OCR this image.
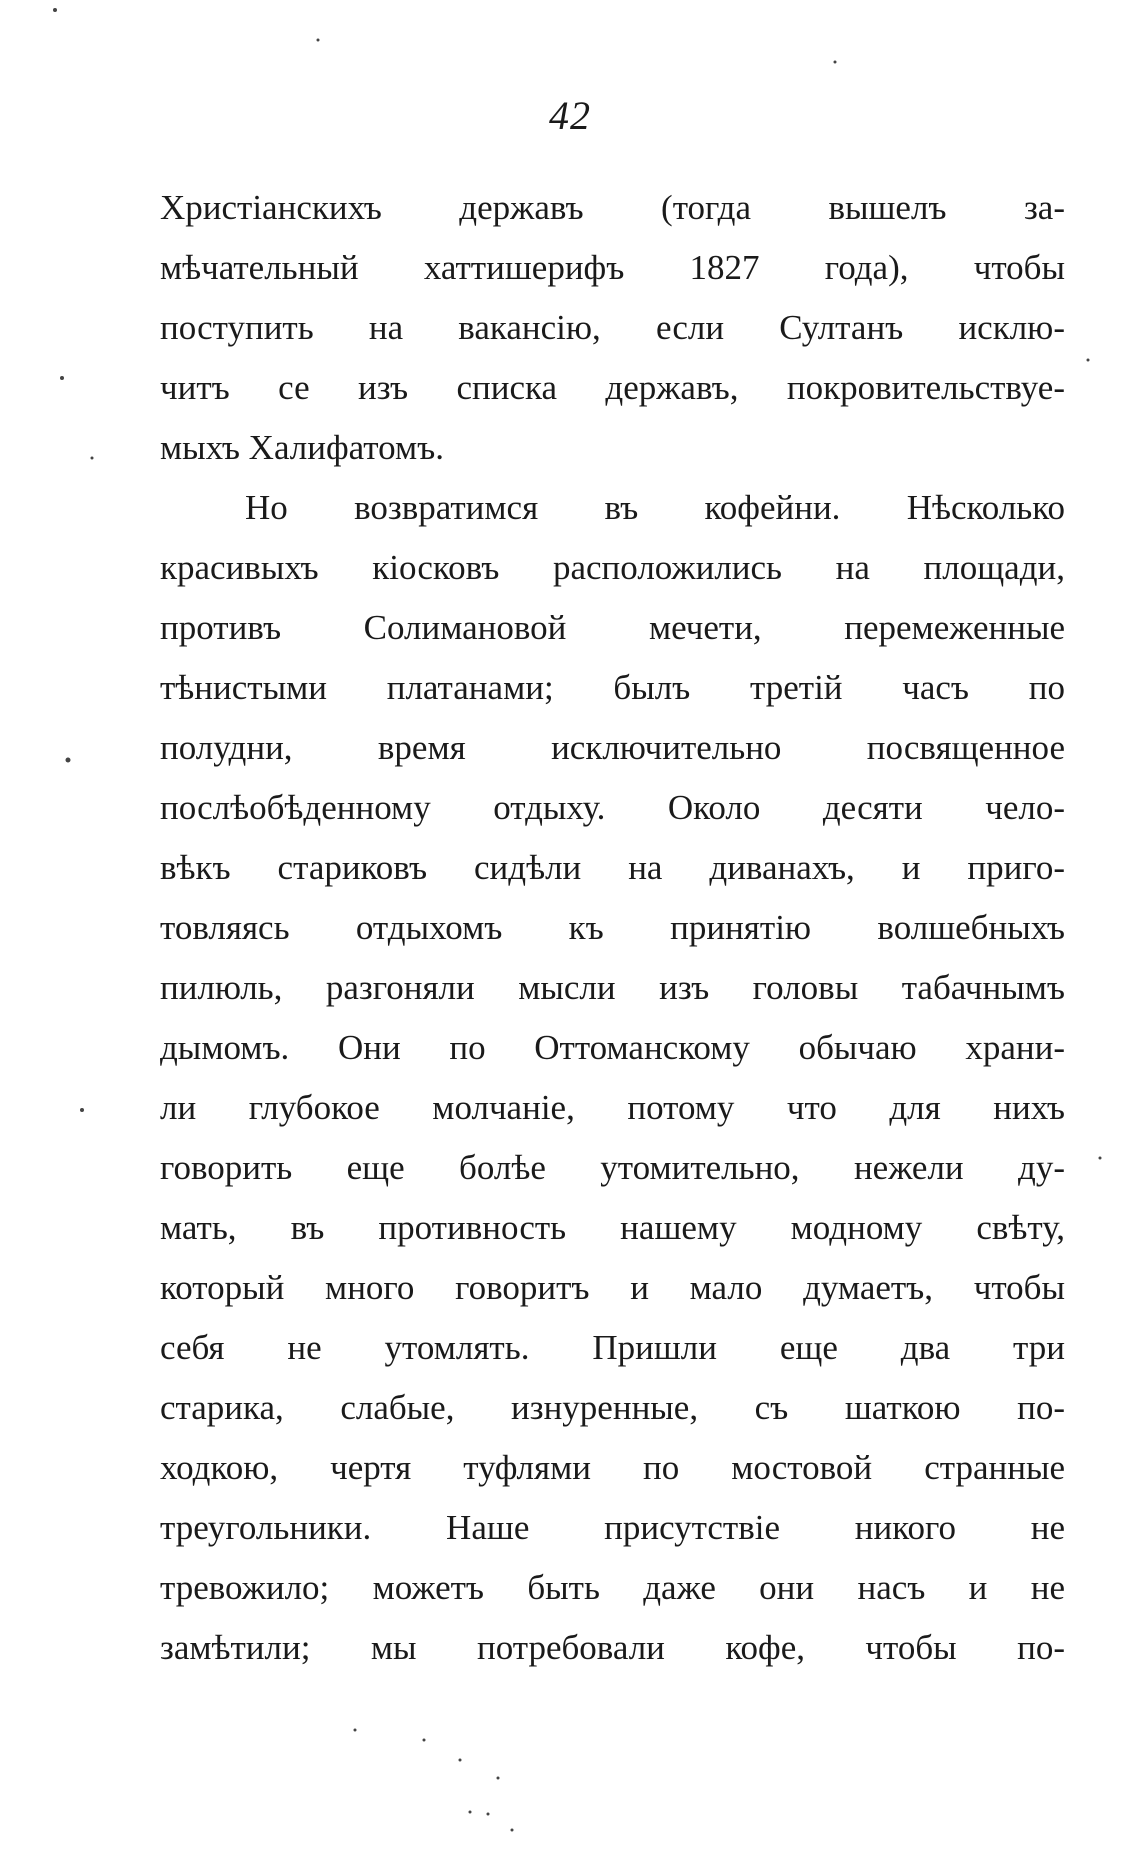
42
Христіанскихъ державъ (тогда вышелъ за-
мѣчательный хаттишерифъ 1827 года), чтобы
поступить на вакансію, если Султанъ исклю-
читъ се изъ списка державъ, покровительствуе-
мыхъ Халифатомъ.
Но возвратимся въ кофейни. Нѣсколько
красивыхъ кіосковъ расположились на площади,
противъ Солимановой мечети, перемеженные
тѣнистыми платанами; былъ третій часъ по
полудни, время исключительно посвященное
послѣобѣденному отдыху. Около десяти чело-
вѣкъ стариковъ сидѣли на диванахъ, и приго-
товляясь отдыхомъ къ принятію волшебныхъ
пилюль, разгоняли мысли изъ головы табачнымъ
дымомъ. Они по Оттоманскому обычаю храни-
ли глубокое молчаніе, потому что для нихъ
говорить еще болѣе утомительно, нежели ду-
мать, въ противность нашему модному свѣту,
который много говоритъ и мало думаетъ, чтобы
себя не утомлять. Пришли еще два три
старика, слабые, изнуренные, съ шаткою по-
ходкою, чертя туфлями по мостовой странные
треугольники. Наше присутствіе никого не
тревожило; можетъ быть даже они насъ и не
замѣтили; мы потребовали кофе, чтобы по-
